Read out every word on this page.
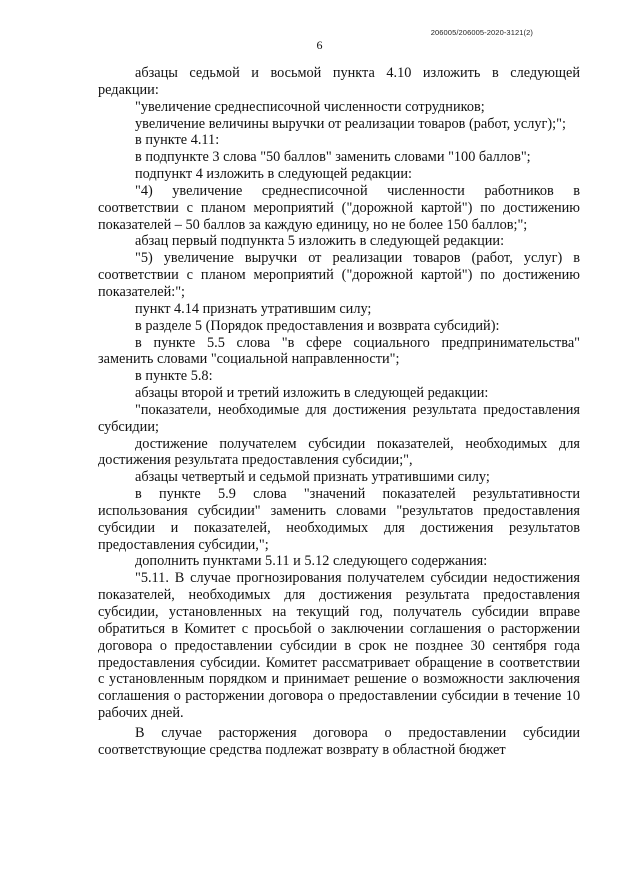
206005/206005-2020-3121(2)
6

абзацы седьмой и восьмой пункта 4.10 изложить в следующей редакции:

"увеличение среднесписочной численности сотрудников;

увеличение величины выручки от реализации товаров (работ, услуг);";

в пункте 4.11:

в подпункте 3 слова "50 баллов" заменить словами "100 баллов";

подпункт 4 изложить в следующей редакции:

"4) увеличение среднесписочной численности работников в соответствии с планом мероприятий ("дорожной картой") по достижению показателей – 50 баллов за каждую единицу, но не более 150 баллов;";

абзац первый подпункта 5 изложить в следующей редакции:

"5) увеличение выручки от реализации товаров (работ, услуг) в соответствии с планом мероприятий ("дорожной картой") по достижению показателей:";

пункт 4.14 признать утратившим силу;

в разделе 5 (Порядок предоставления и возврата субсидий):

в пункте 5.5 слова "в сфере социального предпринимательства" заменить словами "социальной направленности";

в пункте 5.8:

абзацы второй и третий изложить в следующей редакции:

"показатели, необходимые для достижения результата предоставления субсидии;

достижение получателем субсидии показателей, необходимых для достижения результата предоставления субсидии;",

абзацы четвертый и седьмой признать утратившими силу;

в пункте 5.9 слова "значений показателей результативности использования субсидии" заменить словами "результатов предоставления субсидии и показателей, необходимых для достижения результатов предоставления субсидии,";

дополнить пунктами 5.11 и 5.12 следующего содержания:

"5.11. В случае прогнозирования получателем субсидии недостижения показателей, необходимых для достижения результата предоставления субсидии, установленных на текущий год, получатель субсидии вправе обратиться в Комитет с просьбой о заключении соглашения о расторжении договора о предоставлении субсидии в срок не позднее 30 сентября года предоставления субсидии. Комитет рассматривает обращение в соответствии с установленным порядком и принимает решение о возможности заключения соглашения о расторжении договора о предоставлении субсидии в течение 10 рабочих дней.

В случае расторжения договора о предоставлении субсидии соответствующие средства подлежат возврату в областной бюджет
